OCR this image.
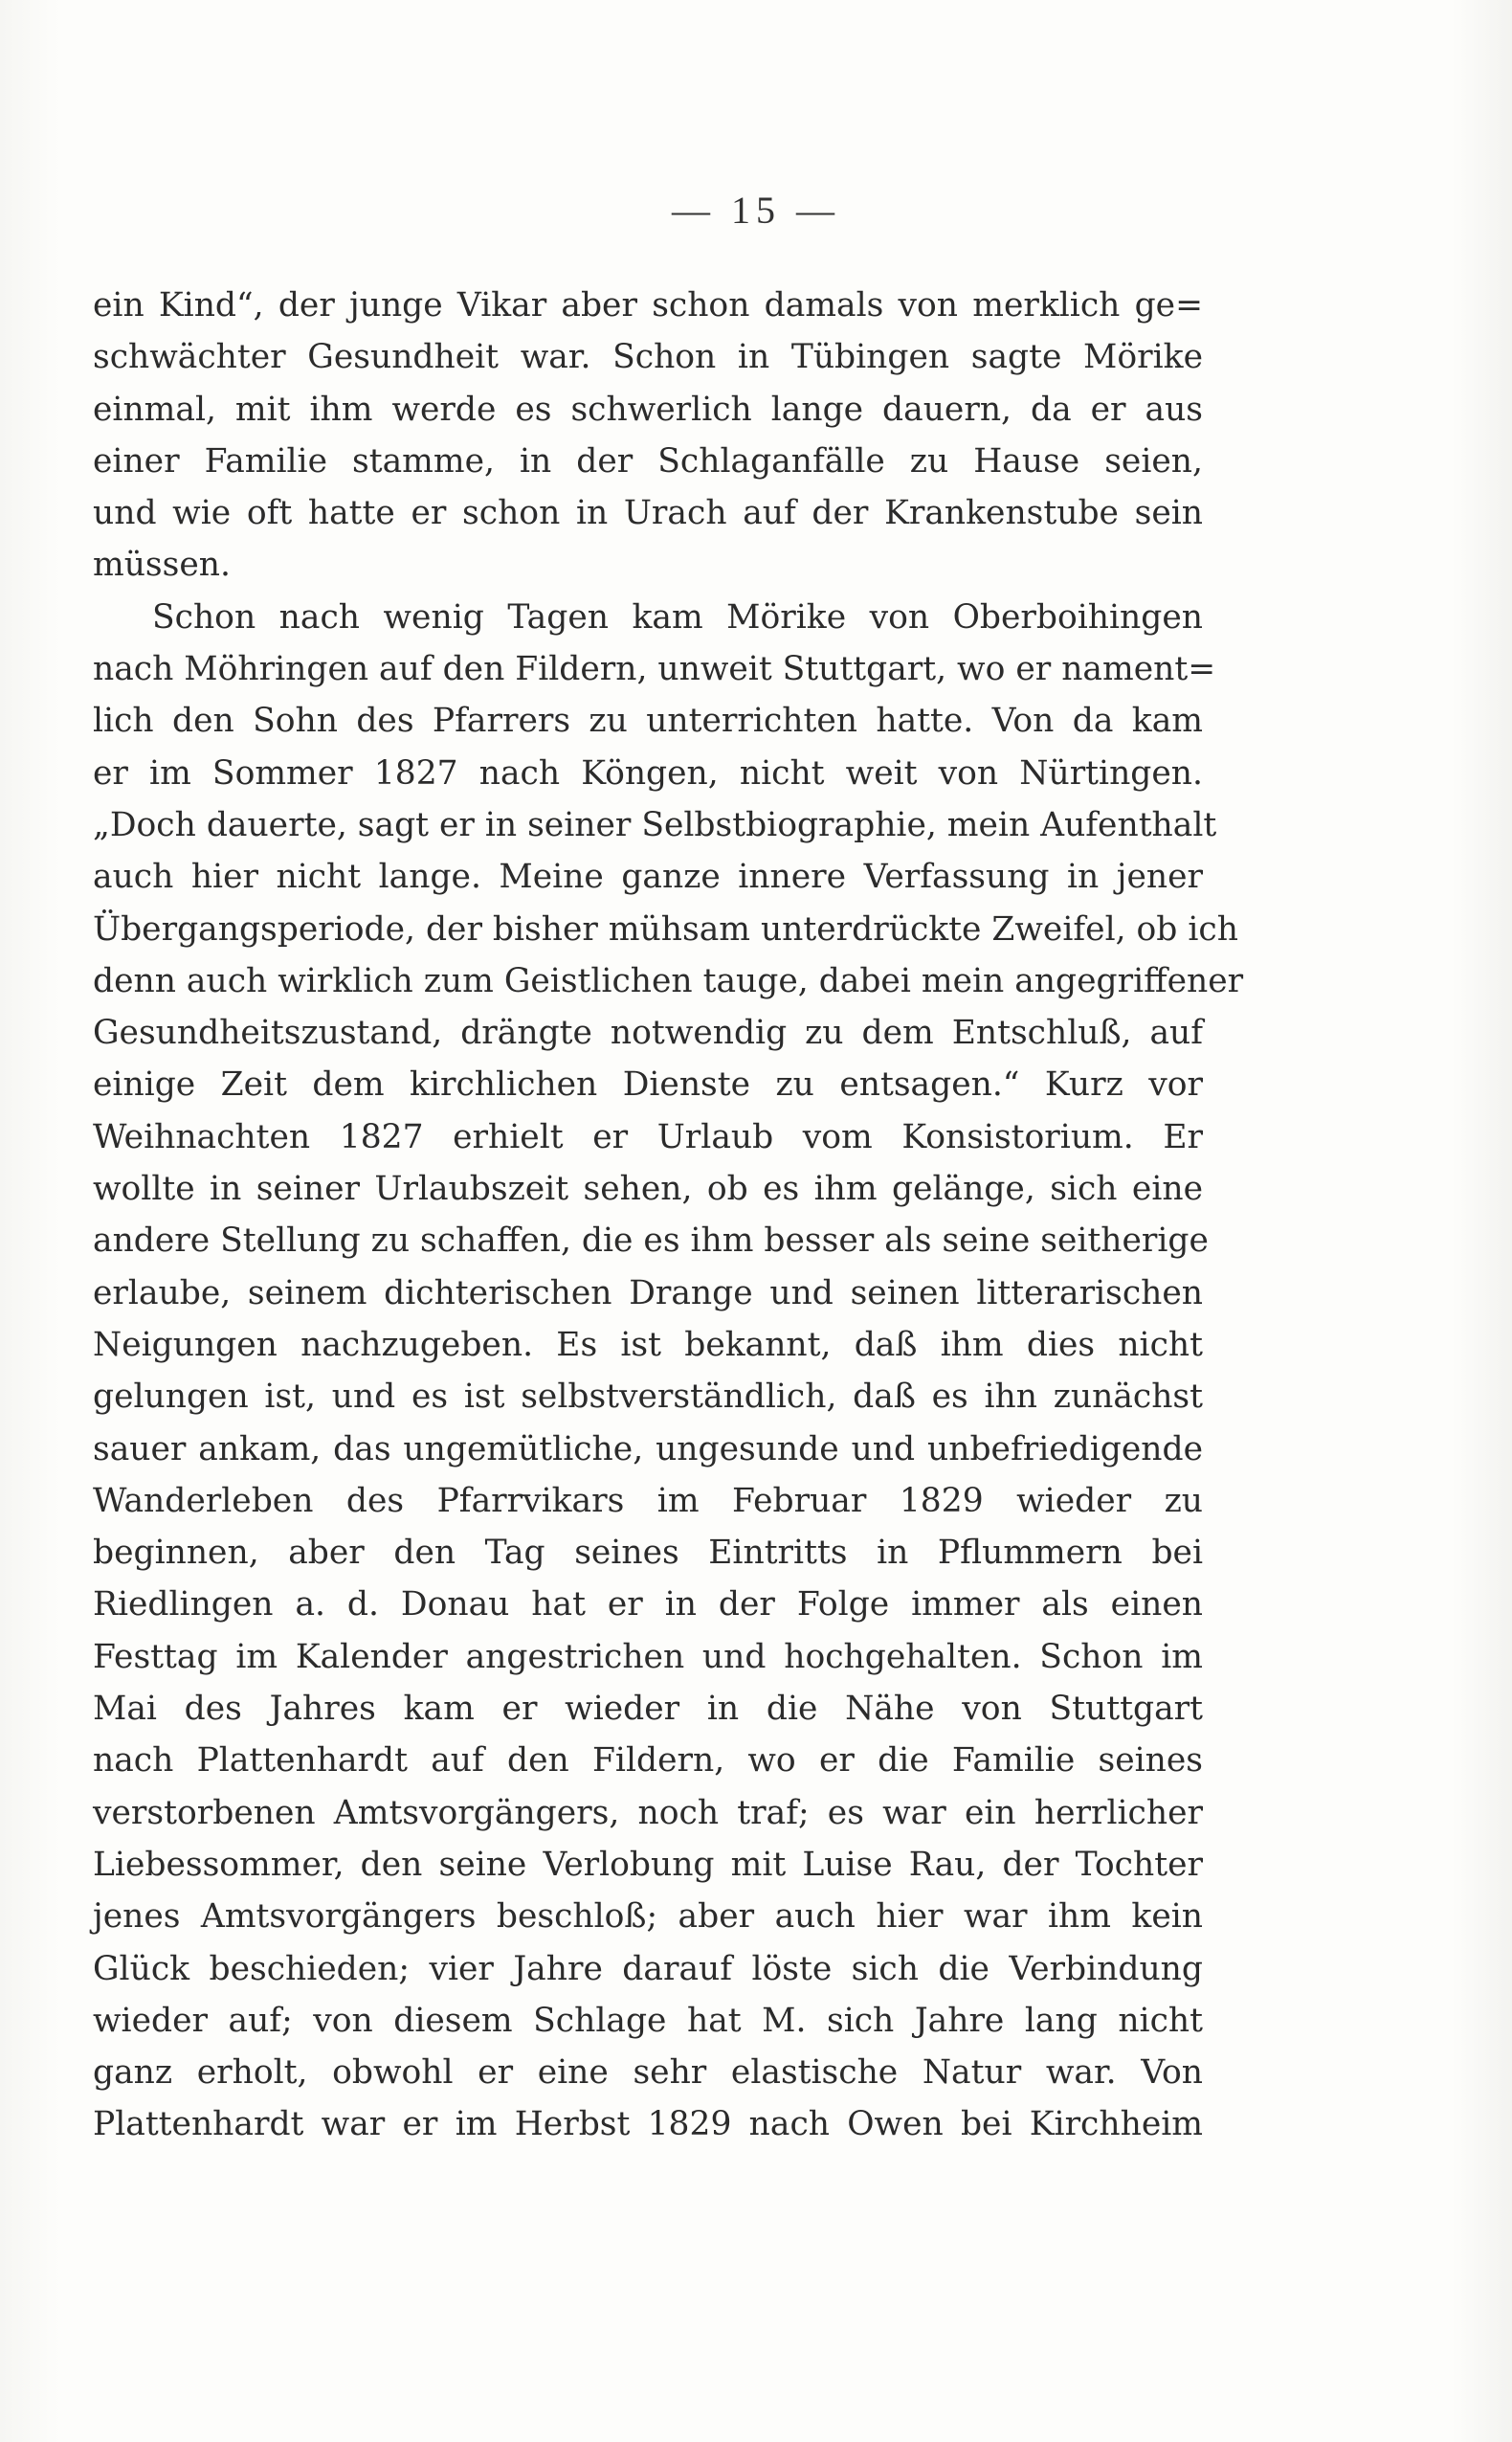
— 15 —
ein Kind“, der junge Vikar aber schon damals von merklich ge=
schwächter Gesundheit war. Schon in Tübingen sagte Mörike
einmal, mit ihm werde es schwerlich lange dauern, da er aus
einer Familie stamme, in der Schlaganfälle zu Hause seien,
und wie oft hatte er schon in Urach auf der Krankenstube sein
müssen.
Schon nach wenig Tagen kam Mörike von Oberboihingen
nach Möhringen auf den Fildern, unweit Stuttgart, wo er nament=
lich den Sohn des Pfarrers zu unterrichten hatte. Von da kam
er im Sommer 1827 nach Köngen, nicht weit von Nürtingen.
„Doch dauerte, sagt er in seiner Selbstbiographie, mein Aufenthalt
auch hier nicht lange. Meine ganze innere Verfassung in jener
Übergangsperiode, der bisher mühsam unterdrückte Zweifel, ob ich
denn auch wirklich zum Geistlichen tauge, dabei mein angegriffener
Gesundheitszustand, drängte notwendig zu dem Entschluß, auf
einige Zeit dem kirchlichen Dienste zu entsagen.“ Kurz vor
Weihnachten 1827 erhielt er Urlaub vom Konsistorium. Er
wollte in seiner Urlaubszeit sehen, ob es ihm gelänge, sich eine
andere Stellung zu schaffen, die es ihm besser als seine seitherige
erlaube, seinem dichterischen Drange und seinen litterarischen
Neigungen nachzugeben. Es ist bekannt, daß ihm dies nicht
gelungen ist, und es ist selbstverständlich, daß es ihn zunächst
sauer ankam, das ungemütliche, ungesunde und unbefriedigende
Wanderleben des Pfarrvikars im Februar 1829 wieder zu
beginnen, aber den Tag seines Eintritts in Pflummern bei
Riedlingen a. d. Donau hat er in der Folge immer als einen
Festtag im Kalender angestrichen und hochgehalten. Schon im
Mai des Jahres kam er wieder in die Nähe von Stuttgart
nach Plattenhardt auf den Fildern, wo er die Familie seines
verstorbenen Amtsvorgängers, noch traf; es war ein herrlicher
Liebessommer, den seine Verlobung mit Luise Rau, der Tochter
jenes Amtsvorgängers beschloß; aber auch hier war ihm kein
Glück beschieden; vier Jahre darauf löste sich die Verbindung
wieder auf; von diesem Schlage hat M. sich Jahre lang nicht
ganz erholt, obwohl er eine sehr elastische Natur war. Von
Plattenhardt war er im Herbst 1829 nach Owen bei Kirchheim
